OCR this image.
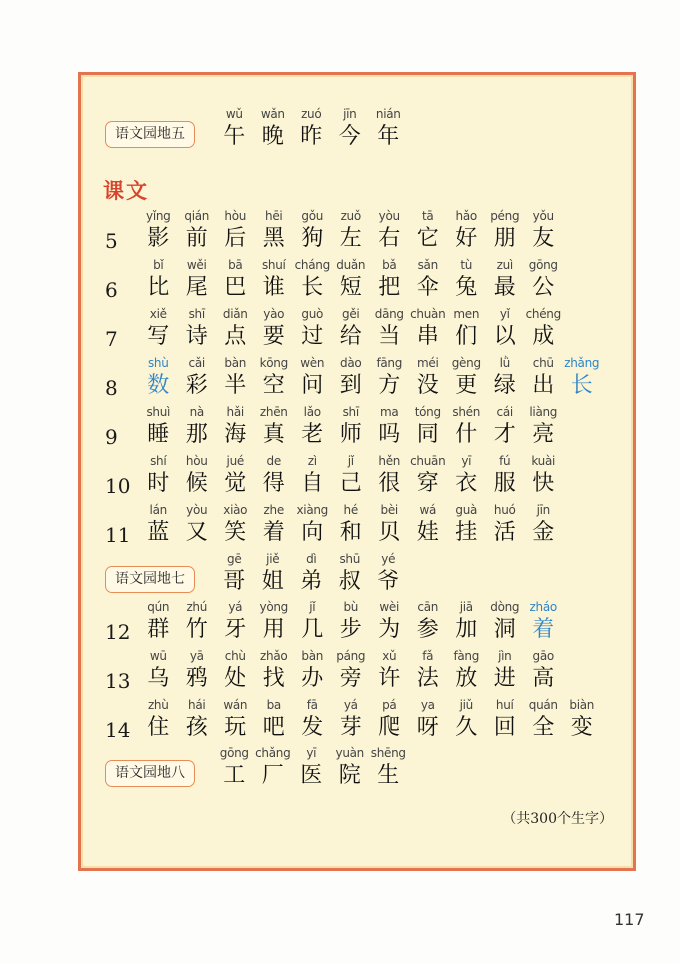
课文
语文园地五
wǔ
午
wǎn
晚
zuó
昨
jīn
今
nián
年
5
yǐng
影
qián
前
hòu
后
hēi
黑
gǒu
狗
zuǒ
左
yòu
右
tā
它
hǎo
好
péng
朋
yǒu
友
6
bǐ
比
wěi
尾
bā
巴
shuí
谁
cháng
长
duǎn
短
bǎ
把
sǎn
伞
tù
兔
zuì
最
gōng
公
7
xiě
写
shī
诗
diǎn
点
yào
要
guò
过
gěi
给
dāng
当
chuàn
串
men
们
yǐ
以
chéng
成
8
shù
数
cǎi
彩
bàn
半
kōng
空
wèn
问
dào
到
fāng
方
méi
没
gèng
更
lǜ
绿
chū
出
zhǎng
长
9
shuì
睡
nà
那
hǎi
海
zhēn
真
lǎo
老
shī
师
ma
吗
tóng
同
shén
什
cái
才
liàng
亮
10
shí
时
hòu
候
jué
觉
de
得
zì
自
jǐ
己
hěn
很
chuān
穿
yī
衣
fú
服
kuài
快
11
lán
蓝
yòu
又
xiào
笑
zhe
着
xiàng
向
hé
和
bèi
贝
wá
娃
guà
挂
huó
活
jīn
金
语文园地七
gē
哥
jiě
姐
dì
弟
shū
叔
yé
爷
12
qún
群
zhú
竹
yá
牙
yòng
用
jǐ
几
bù
步
wèi
为
cān
参
jiā
加
dòng
洞
zháo
着
13
wū
乌
yā
鸦
chù
处
zhǎo
找
bàn
办
páng
旁
xǔ
许
fǎ
法
fàng
放
jìn
进
gāo
高
14
zhù
住
hái
孩
wán
玩
ba
吧
fā
发
yá
芽
pá
爬
ya
呀
jiǔ
久
huí
回
quán
全
biàn
变
语文园地八
gōng
工
chǎng
厂
yī
医
yuàn
院
shēng
生
（共300个生字）
117
